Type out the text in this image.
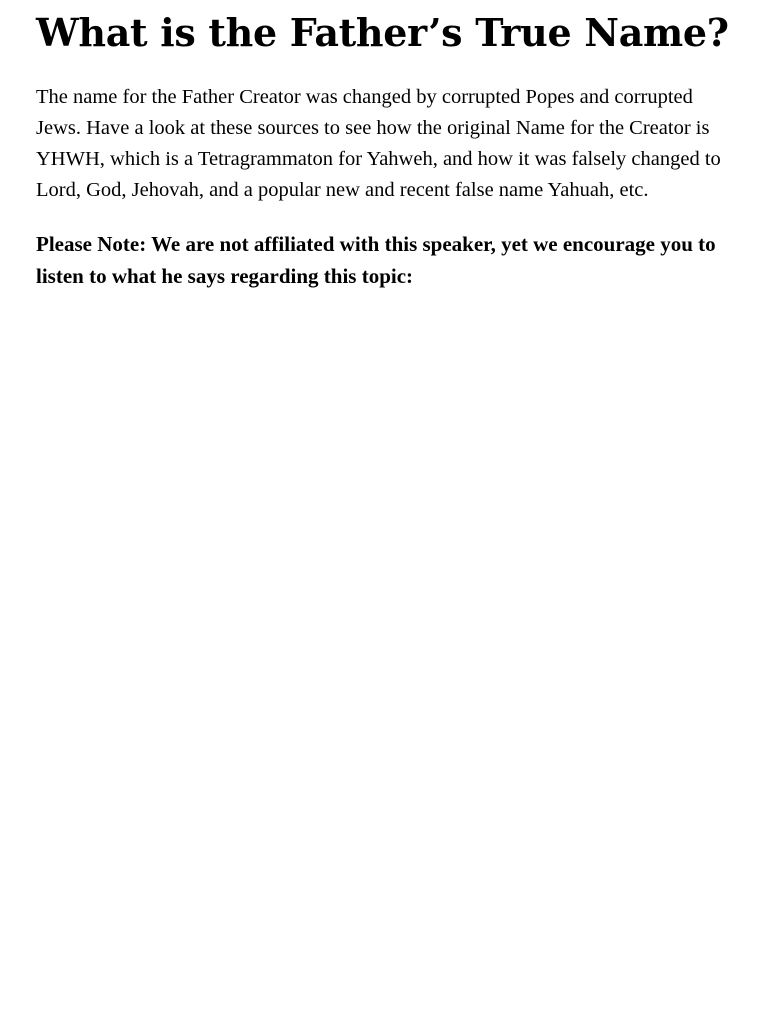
What is the Father’s True Name?

The name for the Father Creator was changed by corrupted Popes and corrupted Jews. Have a look at these sources to see how the original Name for the Creator is YHWH, which is a Tetragrammaton for Yahweh, and how it was falsely changed to Lord, God, Jehovah, and a popular new and recent false name Yahuah, etc.

Please Note: We are not affiliated with this speaker, yet we encourage you to listen to what he says regarding this topic:
